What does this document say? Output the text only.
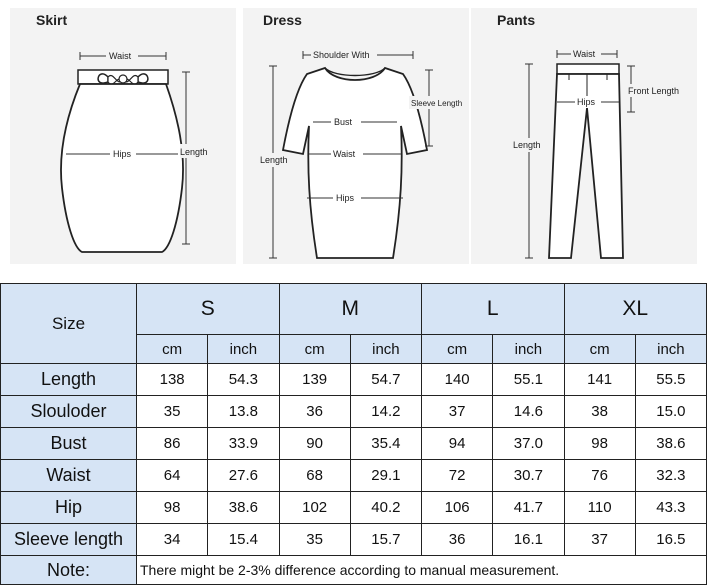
Skirt
Waist
Hips	Length
Dress
Shoulder With
Sleeve Length
Bust
Waist
Length
Hips
Pants
Waist
Front Length
Hips
Length
Size	S		M		L		XL	
	cm	inch	cm	inch	cm	inch	cm	inch
Length	138	54.3	139	54.7	140	55.1	141	55.5
Slouloder	35	13.8	36	14.2	37	14.6	38	15.0
Bust	86	33.9	90	35.4	94	37.0	98	38.6
Waist	64	27.6	68	29.1	72	30.7	76	32.3
Hip	98	38.6	102	40.2	106	41.7	110	43.3
Sleeve length	34	15.4	35	15.7	36	16.1	37	16.5
Note:	There might be 2-3% difference according to manual measurement.							
